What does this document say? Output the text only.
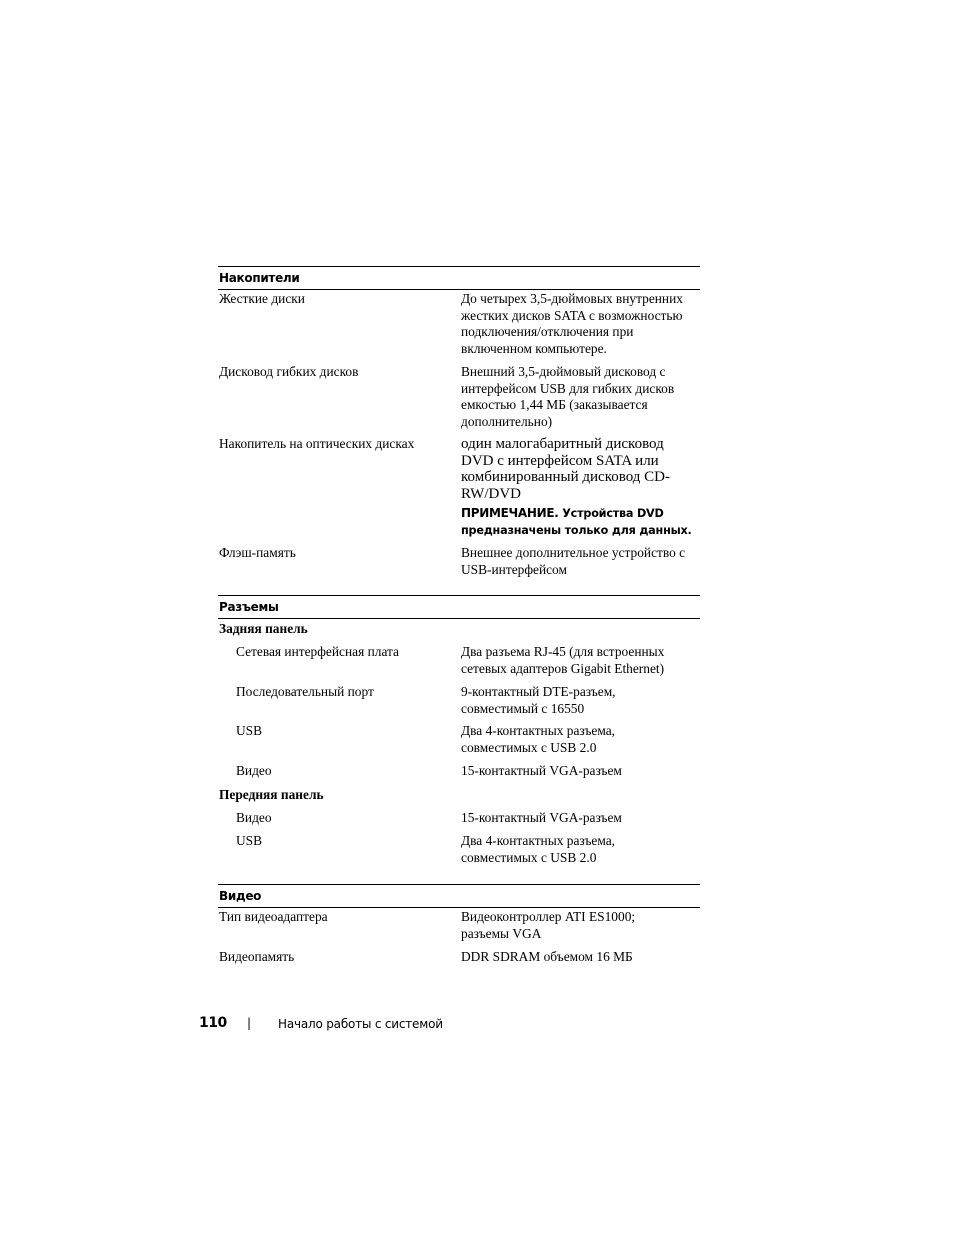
Накопители
Жесткие диски	До четырех 3,5-дюймовых внутренних жестких дисков SATA с возможностью подключения/отключения при включенном компьютере.
Дисковод гибких дисков	Внешний 3,5-дюймовый дисковод с интерфейсом USB для гибких дисков емкостью 1,44 МБ (заказывается дополнительно)
Накопитель на оптических дисках	один малогабаритный дисковод DVD с интерфейсом SATA или комбинированный дисковод CD-RW/DVD
ПРИМЕЧАНИЕ. Устройства DVD предназначены только для данных.
Флэш-память	Внешнее дополнительное устройство с USB-интерфейсом
Разъемы
Задняя панель
Сетевая интерфейсная плата	Два разъема RJ-45 (для встроенных сетевых адаптеров Gigabit Ethernet)
Последовательный порт	9-контактный DTE-разъем, совместимый с 16550
USB	Два 4-контактных разъема, совместимых с USB 2.0
Видео	15-контактный VGA-разъем
Передняя панель
Видео	15-контактный VGA-разъем
USB	Два 4-контактных разъема, совместимых с USB 2.0
Видео
Тип видеоадаптера	Видеоконтроллер ATI ES1000; разъемы VGA
Видеопамять	DDR SDRAM объемом 16 МБ
110 | Начало работы с системой
